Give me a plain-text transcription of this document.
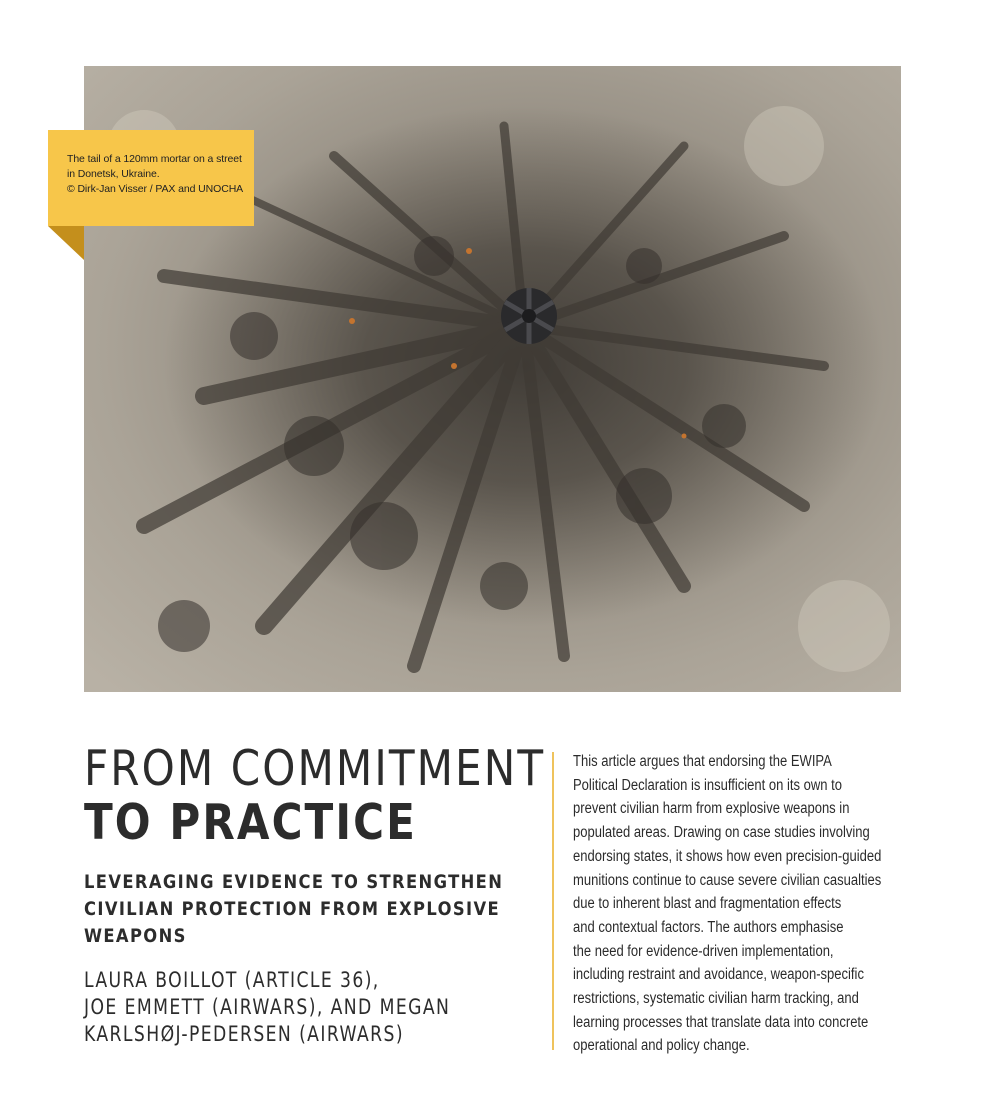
The tail of a 120mm mortar on a street
in Donetsk, Ukraine.
© Dirk-Jan Visser / PAX and UNOCHA
FROM COMMITMENT
TO PRACTICE
LEVERAGING EVIDENCE TO STRENGTHEN
CIVILIAN PROTECTION FROM EXPLOSIVE
WEAPONS

LAURA BOILLOT (ARTICLE 36),
JOE EMMETT (AIRWARS), AND MEGAN
KARLSHØJ-PEDERSEN (AIRWARS)

This article argues that endorsing the EWIPA
Political Declaration is insufficient on its own to
prevent civilian harm from explosive weapons in
populated areas. Drawing on case studies involving
endorsing states, it shows how even precision-guided
munitions continue to cause severe civilian casualties
due to inherent blast and fragmentation effects
and contextual factors. The authors emphasise
the need for evidence-driven implementation,
including restraint and avoidance, weapon-specific
restrictions, systematic civilian harm tracking, and
learning processes that translate data into concrete
operational and policy change.
